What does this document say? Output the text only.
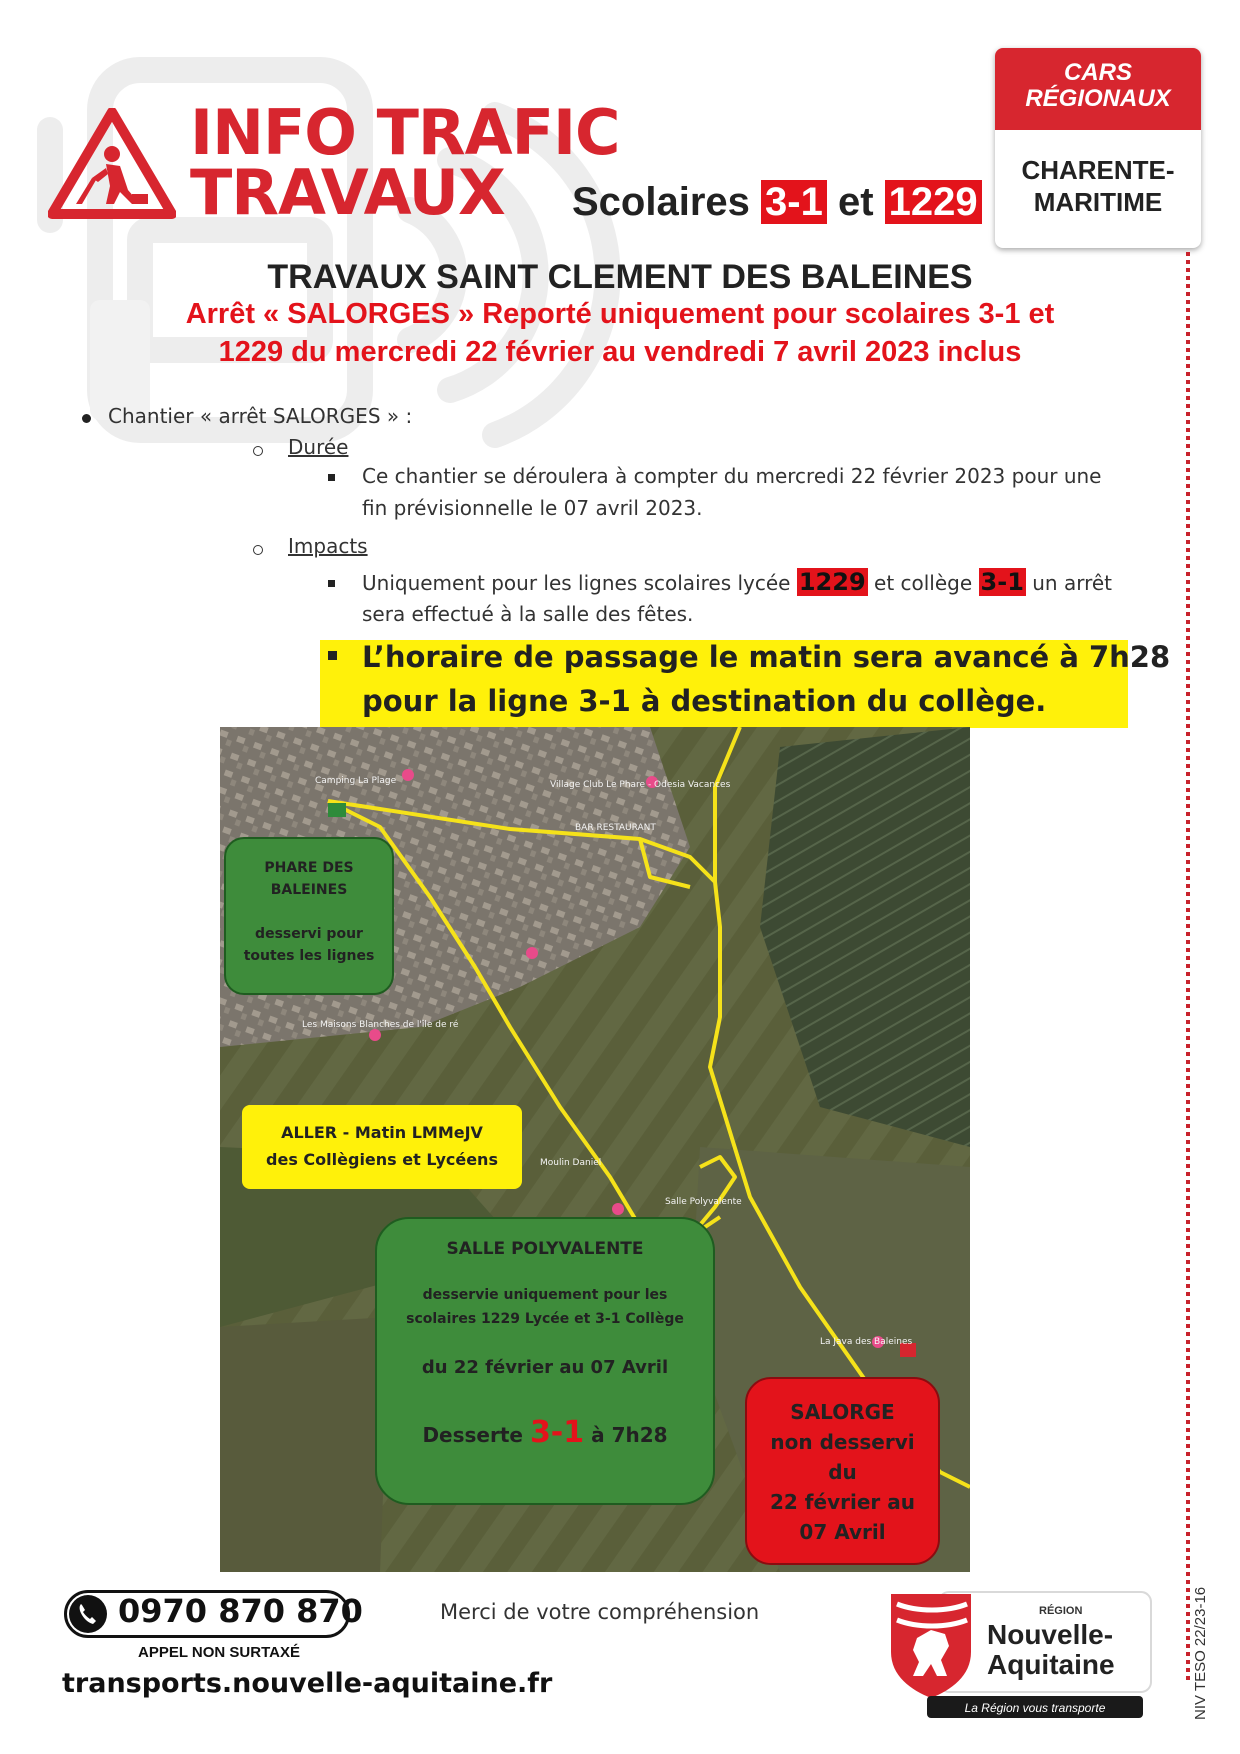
INFO TRAFIC
TRAVAUX Scolaires 3-1 et 1229
CARS
RÉGIONAUX
CHARENTE-
MARITIME
TRAVAUX SAINT CLEMENT DES BALEINES
Arrêt « SALORGES » Reporté uniquement pour scolaires 3-1 et
1229 du mercredi 22 février au vendredi 7 avril 2023 inclus
Chantier « arrêt SALORGES » :
Durée
Ce chantier se déroulera à compter du mercredi 22 février 2023 pour une
fin prévisionnelle le 07 avril 2023.
Impacts
Uniquement pour les lignes scolaires lycée 1229 et collège 3-1 un arrêt
sera effectué à la salle des fêtes.
L’horaire de passage le matin sera avancé à 7h28
pour la ligne 3-1 à destination du collège.
Camping La Plage	Village Club Le Phare - Odesia Vacances
BAR RESTAURANT
Les Maisons Blanches de l'île de ré
Moulin Daniel
Salle Polyvalente
La Java des Baleines
PHARE DES
BALEINES
desservi pour
toutes les lignes
ALLER - Matin LMMeJV
des Collègiens et Lycéens
SALLE POLYVALENTE
desservie uniquement pour les
scolaires 1229 Lycée et 3-1 Collège
du 22 février au 07 Avril
Desserte 3-1 à 7h28
SALORGE
non desservi
du
22 février au
07 Avril
0970 870 870
APPEL NON SURTAXÉ
transports.nouvelle-aquitaine.fr
Merci de votre compréhension	RÉGION
Nouvelle-
Aquitaine
La Région vous transporte	NIV TESO 22/23-16
